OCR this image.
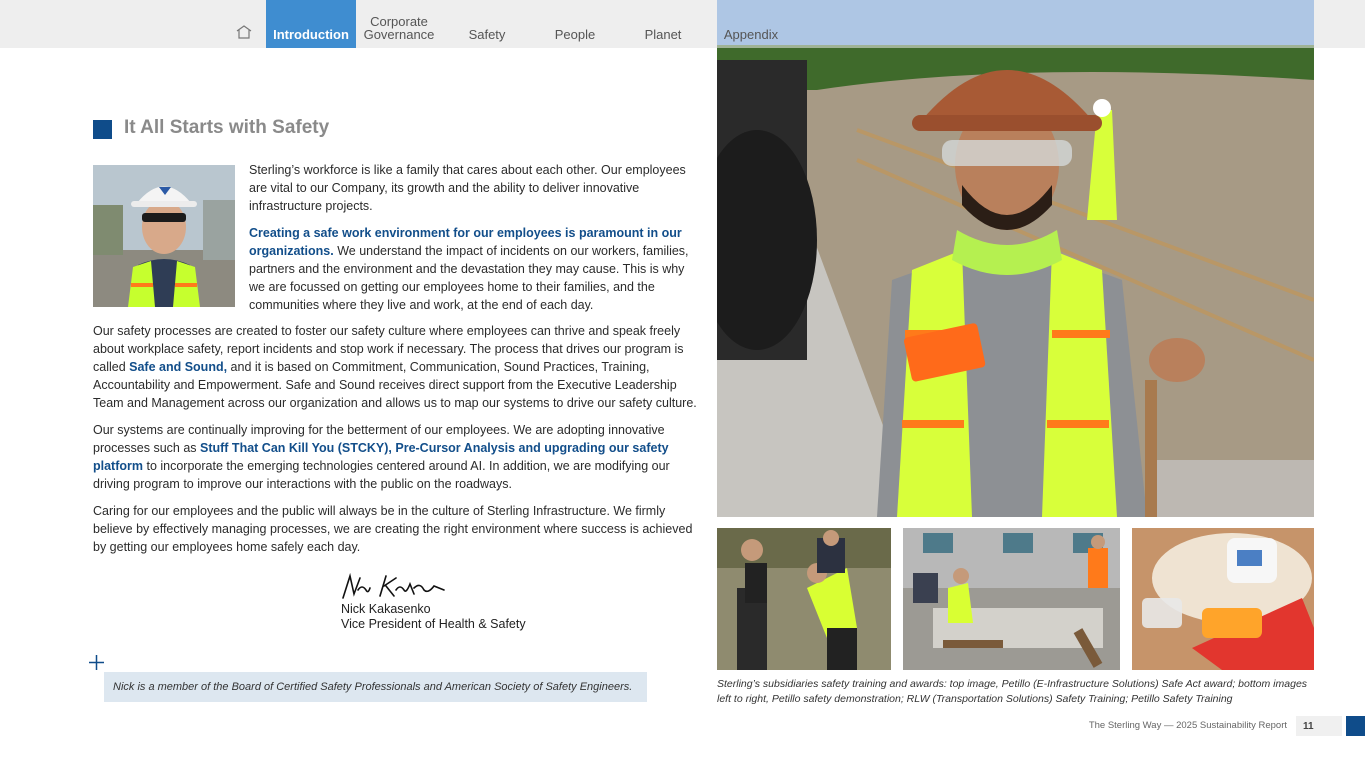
Introduction
Corporate
Governance	Safety	People	Planet	Appendix
It All Starts with Safety

Sterling’s workforce is like a family that cares about each other. Our employees are vital to our Company, its growth and the ability to deliver innovative infrastructure projects.

Creating a safe work environment for our employees is paramount in our organizations. We understand the impact of incidents on our workers, families, partners and the environment and the devastation they may cause. This is why we are focussed on getting our employees home to their families, and the communities where they live and work, at the end of each day.

Our safety processes are created to foster our safety culture where employees can thrive and speak freely about workplace safety, report incidents and stop work if necessary. The process that drives our program is called Safe and Sound, and it is based on Commitment, Communication, Sound Practices, Training, Accountability and Empowerment. Safe and Sound receives direct support from the Executive Leadership Team and Management across our organization and allows us to map our systems to drive our safety culture.

Our systems are continually improving for the betterment of our employees. We are adopting innovative processes such as Stuff That Can Kill You (STCKY), Pre-Cursor Analysis and upgrading our safety platform to incorporate the emerging technologies centered around AI. In addition, we are modifying our driving program to improve our interactions with the public on the roadways.

Caring for our employees and the public will always be in the culture of Sterling Infrastructure. We firmly believe by effectively managing processes, we are creating the right environment where success is achieved by getting our employees home safely each day.

Nick Kakasenko
Vice President of Health & Safety
Nick is a member of the Board of Certified Safety Professionals and American Society of Safety Engineers.	Sterling’s subsidiaries safety training and awards: top image, Petillo (E-Infrastructure Solutions) Safe Act award; bottom images left to right, Petillo safety demonstration; RLW (Transportation Solutions) Safety Training; Petillo Safety Training
The Sterling Way — 2025 Sustainability Report	11
